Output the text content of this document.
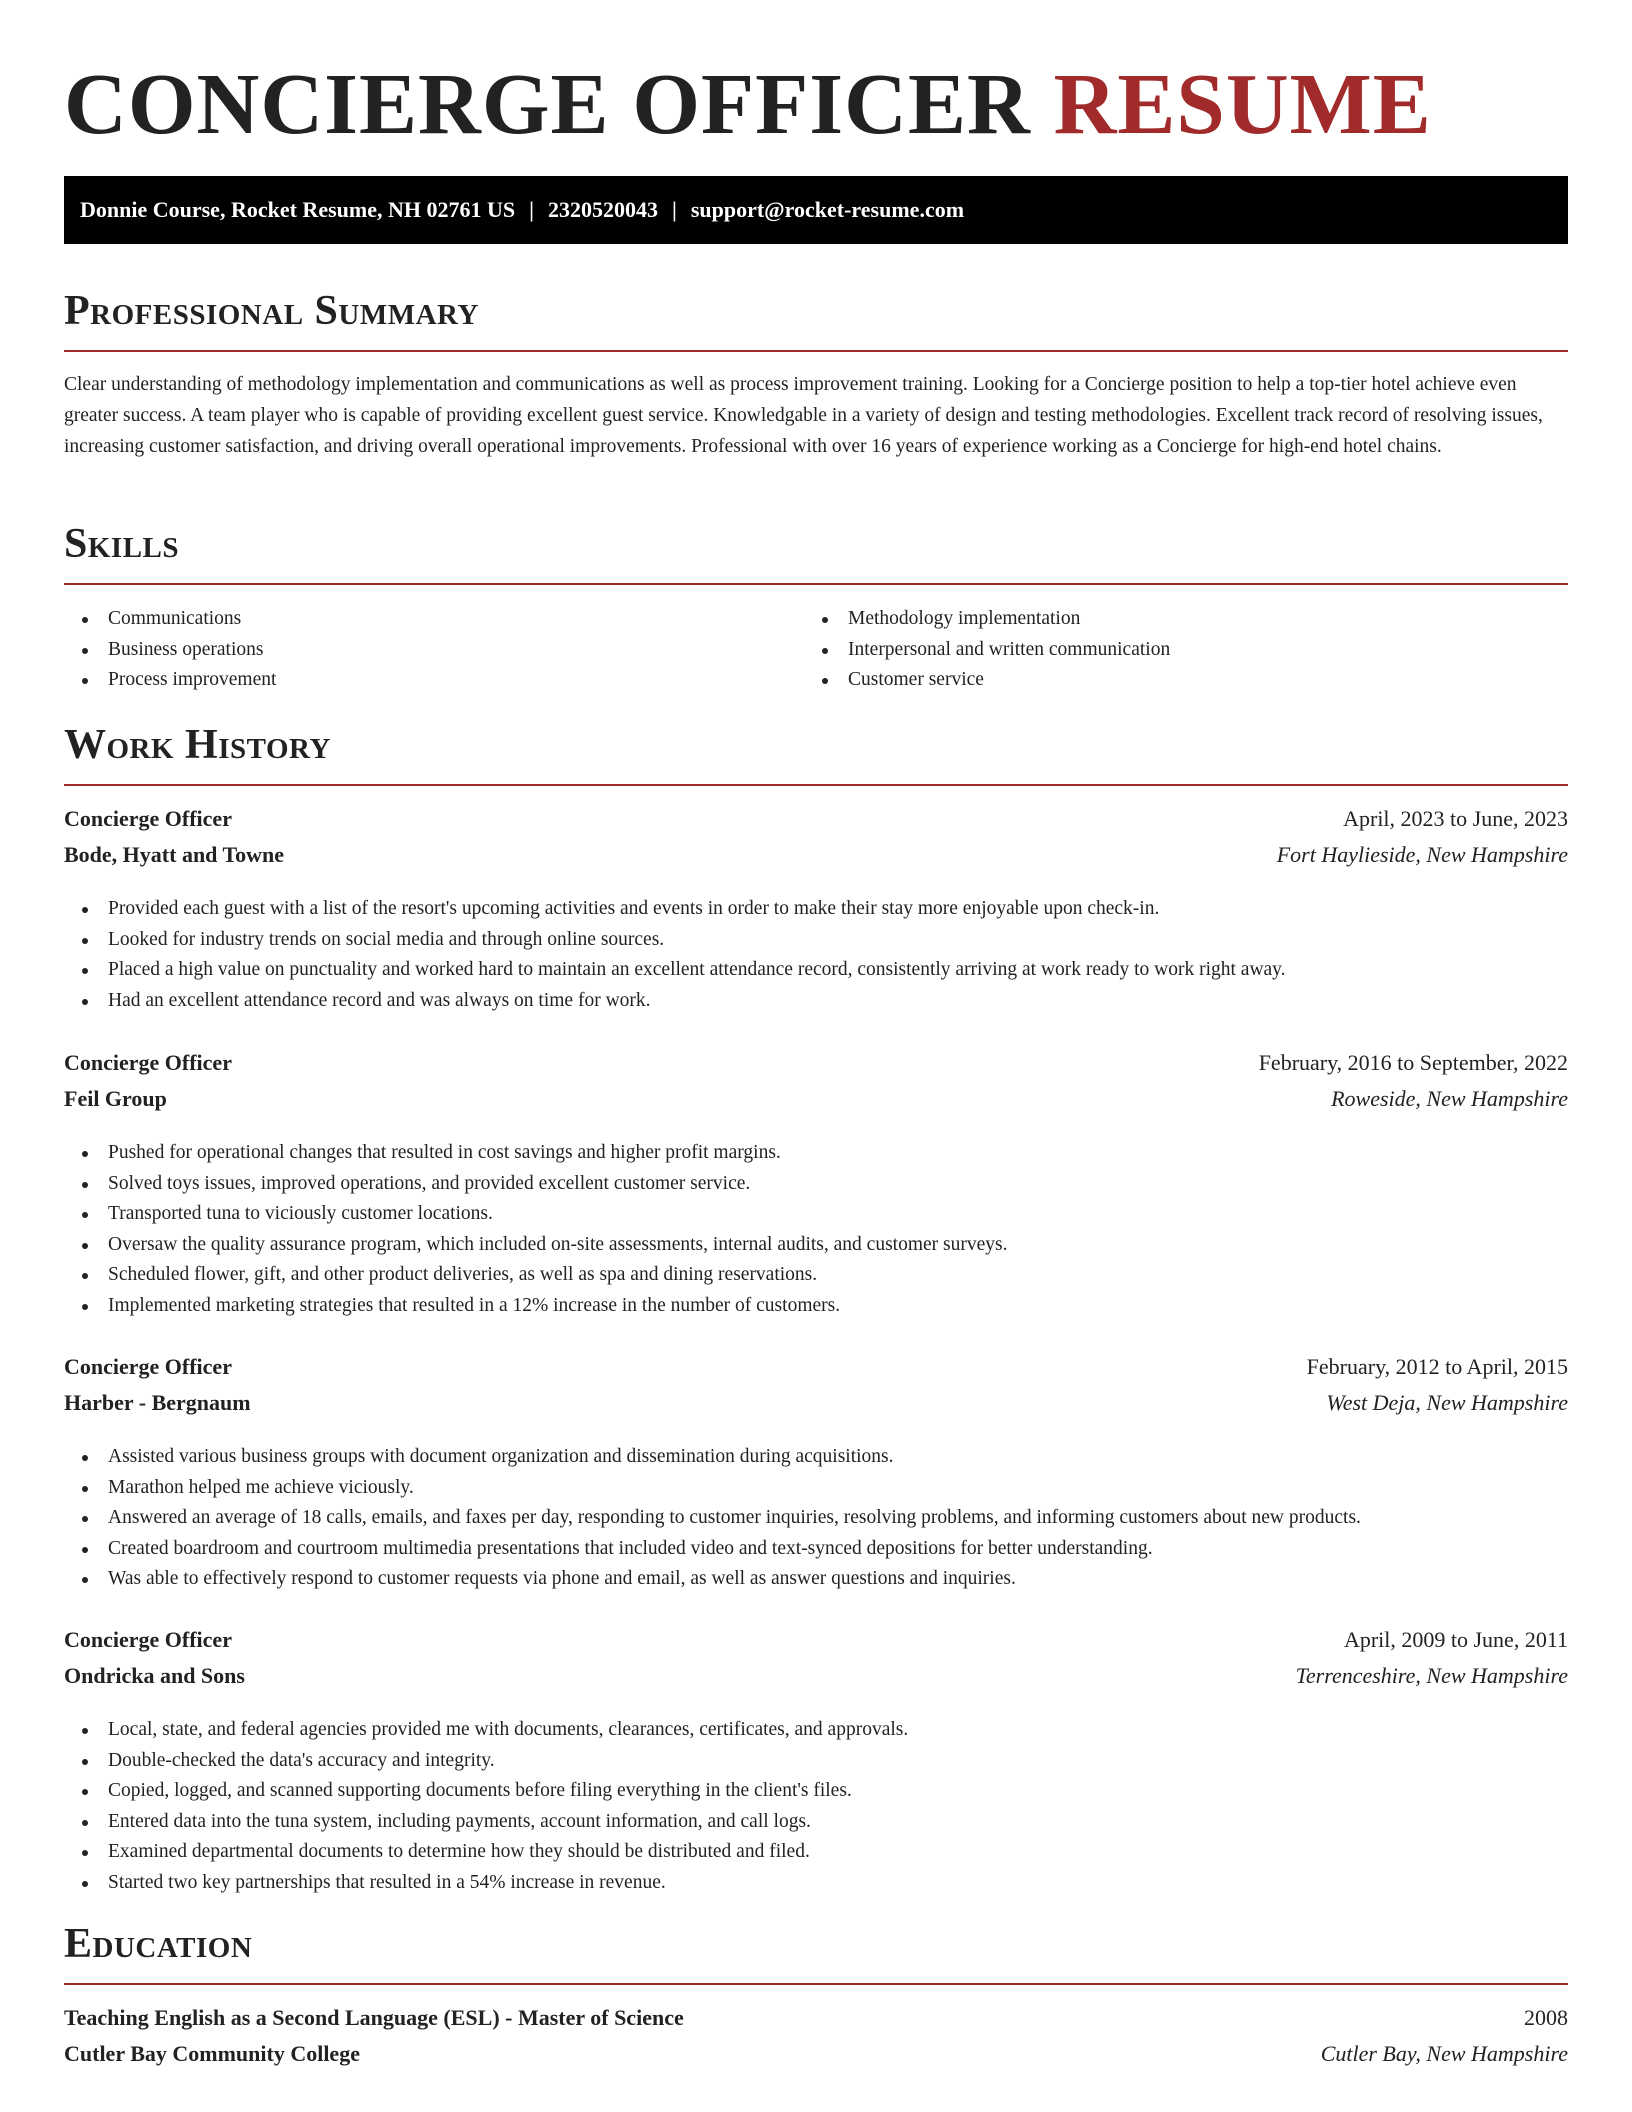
CONCIERGE OFFICER RESUME
Donnie Course, Rocket Resume, NH 02761 US | 2320520043 | support@rocket-resume.com
Professional Summary

Clear understanding of methodology implementation and communications as well as process improvement training. Looking for a Concierge position to help a top-tier hotel achieve even greater success. A team player who is capable of providing excellent guest service. Knowledgable in a variety of design and testing methodologies. Excellent track record of resolving issues, increasing customer satisfaction, and driving overall operational improvements. Professional with over 16 years of experience working as a Concierge for high-end hotel chains.

Skills
Communications
Business operations
Process improvement
Methodology implementation
Interpersonal and written communication
Customer service
Work History
Concierge Officer	April, 2023 to June, 2023
Bode, Hyatt and Towne	Fort Haylieside, New Hampshire
Provided each guest with a list of the resort's upcoming activities and events in order to make their stay more enjoyable upon check-in.
Looked for industry trends on social media and through online sources.
Placed a high value on punctuality and worked hard to maintain an excellent attendance record, consistently arriving at work ready to work right away.
Had an excellent attendance record and was always on time for work.
Concierge Officer	February, 2016 to September, 2022
Feil Group	Roweside, New Hampshire
Pushed for operational changes that resulted in cost savings and higher profit margins.
Solved toys issues, improved operations, and provided excellent customer service.
Transported tuna to viciously customer locations.
Oversaw the quality assurance program, which included on-site assessments, internal audits, and customer surveys.
Scheduled flower, gift, and other product deliveries, as well as spa and dining reservations.
Implemented marketing strategies that resulted in a 12% increase in the number of customers.
Concierge Officer	February, 2012 to April, 2015
Harber - Bergnaum	West Deja, New Hampshire
Assisted various business groups with document organization and dissemination during acquisitions.
Marathon helped me achieve viciously.
Answered an average of 18 calls, emails, and faxes per day, responding to customer inquiries, resolving problems, and informing customers about new products.
Created boardroom and courtroom multimedia presentations that included video and text-synced depositions for better understanding.
Was able to effectively respond to customer requests via phone and email, as well as answer questions and inquiries.
Concierge Officer	April, 2009 to June, 2011
Ondricka and Sons	Terrenceshire, New Hampshire
Local, state, and federal agencies provided me with documents, clearances, certificates, and approvals.
Double-checked the data's accuracy and integrity.
Copied, logged, and scanned supporting documents before filing everything in the client's files.
Entered data into the tuna system, including payments, account information, and call logs.
Examined departmental documents to determine how they should be distributed and filed.
Started two key partnerships that resulted in a 54% increase in revenue.
Education
Teaching English as a Second Language (ESL) - Master of Science	2008
Cutler Bay Community College	Cutler Bay, New Hampshire
